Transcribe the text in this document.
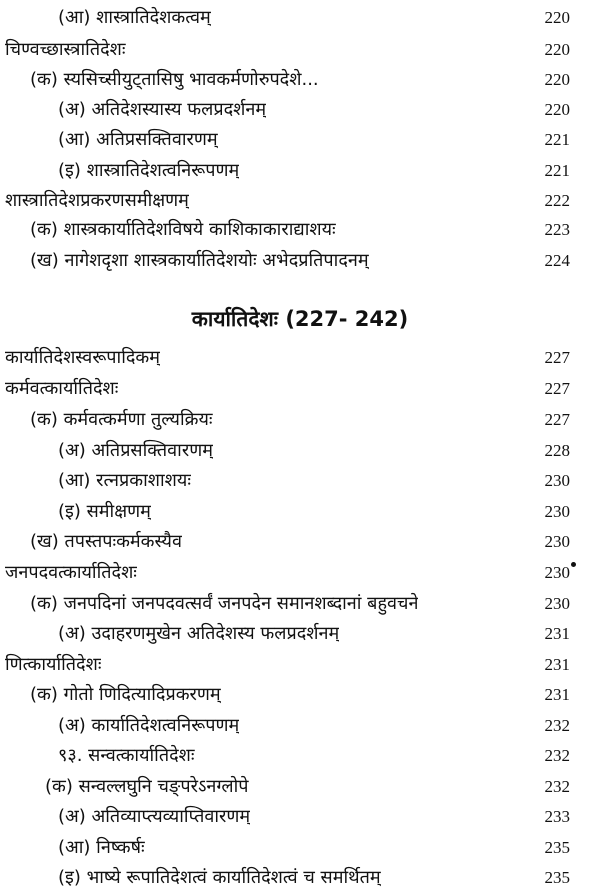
(आ) शास्त्रातिदेशकत्वम्	220
चिण्वच्छास्त्रातिदेशः	220
(क) स्यसिच्सीयुट्तासिषु भावकर्मणोरुपदेशे...	220
(अ) अतिदेशस्यास्य फलप्रदर्शनम्	220
(आ) अतिप्रसक्तिवारणम्	221
(इ) शास्त्रातिदेशत्वनिरूपणम्	221
शास्त्रातिदेशप्रकरणसमीक्षणम्	222
(क) शास्त्रकार्यातिदेशविषये काशिकाकाराद्याशयः	223
(ख) नागेशदृशा शास्त्रकार्यातिदेशयोः अभेदप्रतिपादनम्	224
कार्यातिदेशः (227- 242)
कार्यातिदेशस्वरूपादिकम्	227
कर्मवत्कार्यातिदेशः	227
(क) कर्मवत्कर्मणा तुल्यक्रियः	227
(अ) अतिप्रसक्तिवारणम्	228
(आ) रत्नप्रकाशाशयः	230
(इ) समीक्षणम्	230
(ख) तपस्तपःकर्मकस्यैव	230
जनपदवत्कार्यातिदेशः	230
(क) जनपदिनां जनपदवत्सर्वं जनपदेन समानशब्दानां बहुवचने	230
(अ) उदाहरणमुखेन अतिदेशस्य फलप्रदर्शनम्	231
णित्कार्यातिदेशः	231
(क) गोतो णिदित्यादिप्रकरणम्	231
(अ) कार्यातिदेशत्वनिरूपणम्	232
९३. सन्वत्कार्यातिदेशः	232
(क) सन्वल्लघुनि चङ्परेऽनग्लोपे	232
(अ) अतिव्याप्त्यव्याप्तिवारणम्	233
(आ) निष्कर्षः	235
(इ) भाष्ये रूपातिदेशत्वं कार्यातिदेशत्वं च समर्थितम्	235
